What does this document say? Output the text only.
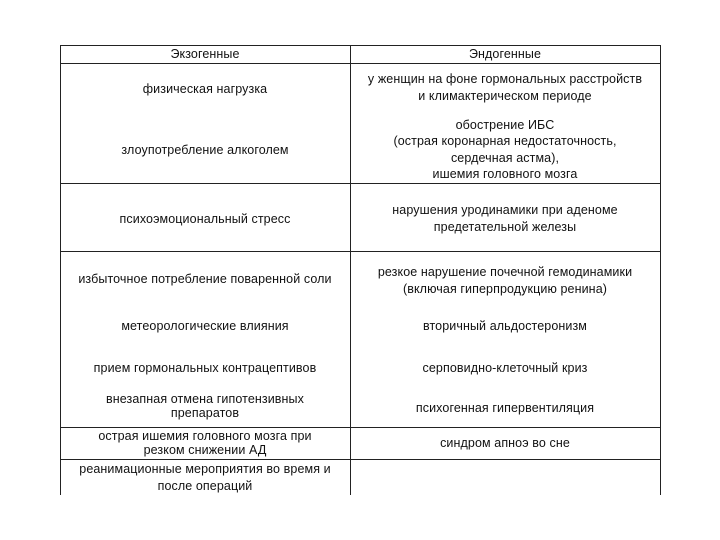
Экзогенные	Эндогенные
физическая нагрузка
злоупотребление алкоголем
психоэмоциональный стресс
избыточное потребление поваренной соли
метеорологические влияния
прием гормональных контрацептивов
внезапная отмена гипотензивных
препаратов
острая ишемия головного мозга при
резком снижении АД
реанимационные мероприятия во время и
после операций
у женщин на фоне гормональных расстройств
и климактерическом периоде
обострение ИБС
(острая коронарная недостаточность,
сердечная астма),
ишемия головного мозга
нарушения уродинамики при аденоме
предетательной железы
резкое нарушение почечной гемодинамики
(включая гиперпродукцию ренина)
вторичный альдостеронизм
серповидно-клеточный криз
психогенная гипервентиляция
синдром апноэ во сне
